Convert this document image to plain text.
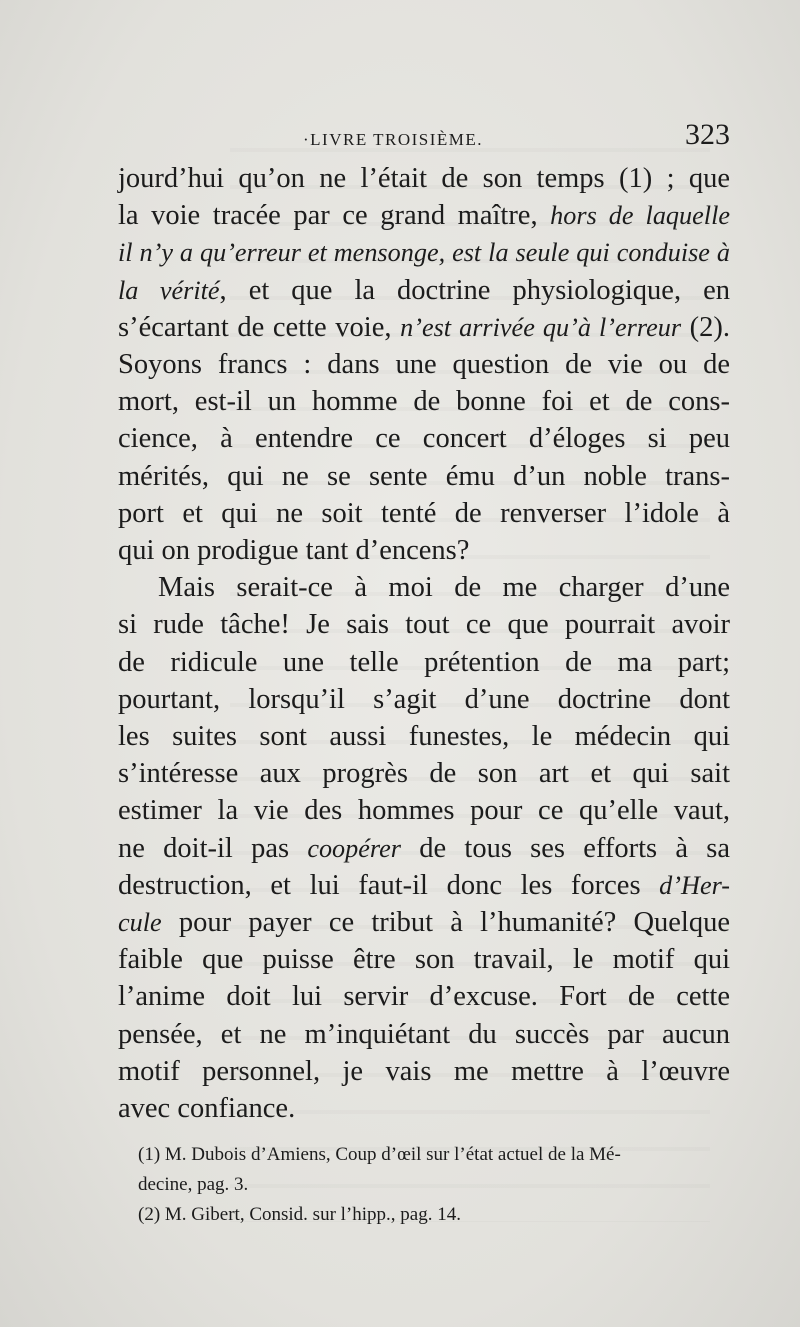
·LIVRE TROISIÈME.	323
jourd’hui qu’on ne l’était de son temps (1) ; que
la voie tracée par ce grand maître, hors de laquelle
il n’y a qu’erreur et mensonge, est la seule qui conduise à
la vérité, et que la doctrine physiologique, en
s’écartant de cette voie, n’est arrivée qu’à l’erreur (2).
Soyons francs : dans une question de vie ou de
mort, est-il un homme de bonne foi et de cons-
cience, à entendre ce concert d’éloges si peu
mérités, qui ne se sente ému d’un noble trans-
port et qui ne soit tenté de renverser l’idole à
qui on prodigue tant d’encens?
Mais serait-ce à moi de me charger d’une
si rude tâche! Je sais tout ce que pourrait avoir
de ridicule une telle prétention de ma part;
pourtant, lorsqu’il s’agit d’une doctrine dont
les suites sont aussi funestes, le médecin qui
s’intéresse aux progrès de son art et qui sait
estimer la vie des hommes pour ce qu’elle vaut,
ne doit-il pas coopérer de tous ses efforts à sa
destruction, et lui faut-il donc les forces d’Her-
cule pour payer ce tribut à l’humanité? Quelque
faible que puisse être son travail, le motif qui
l’anime doit lui servir d’excuse. Fort de cette
pensée, et ne m’inquiétant du succès par aucun
motif personnel, je vais me mettre à l’œuvre
avec confiance.
(1) M. Dubois d’Amiens, Coup d’œil sur l’état actuel de la Mé-
decine, pag. 3.
(2) M. Gibert, Consid. sur l’hipp., pag. 14.
